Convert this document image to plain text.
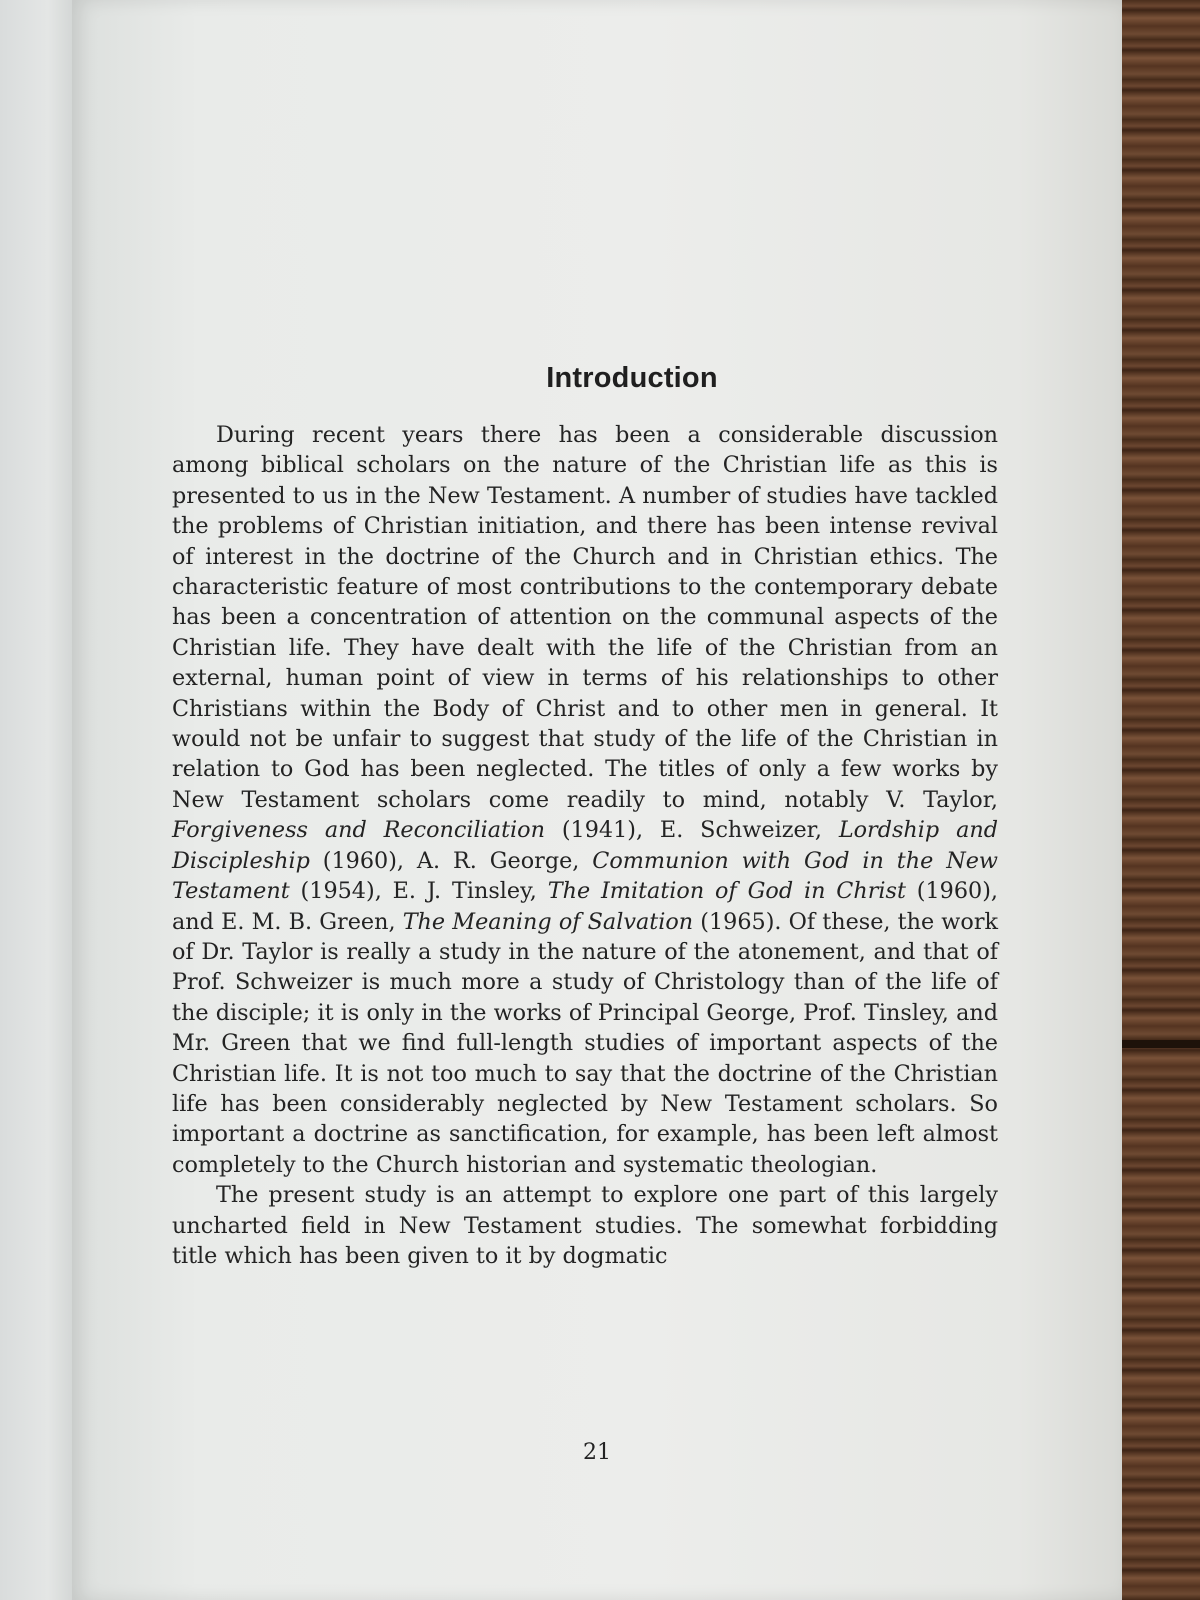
Introduction

During recent years there has been a considerable discussion among biblical scholars on the nature of the Christian life as this is presented to us in the New Testament. A number of studies have tackled the problems of Christian initiation, and there has been intense revival of interest in the doctrine of the Church and in Christian ethics. The characteristic feature of most contributions to the contemporary debate has been a concentration of attention on the communal aspects of the Christian life. They have dealt with the life of the Christian from an external, human point of view in terms of his relationships to other Christians within the Body of Christ and to other men in general. It would not be unfair to suggest that study of the life of the Christian in relation to God has been neglected. The titles of only a few works by New Testament scholars come readily to mind, notably V. Taylor, Forgiveness and Reconciliation (1941), E. Schweizer, Lordship and Discipleship (1960), A. R. George, Communion with God in the New Testament (1954), E. J. Tinsley, The Imitation of God in Christ (1960), and E. M. B. Green, The Meaning of Salvation (1965). Of these, the work of Dr. Taylor is really a study in the nature of the atonement, and that of Prof. Schweizer is much more a study of Christology than of the life of the disciple; it is only in the works of Principal George, Prof. Tinsley, and Mr. Green that we find full-length studies of important aspects of the Christian life. It is not too much to say that the doctrine of the Christian life has been considerably neglected by New Testament scholars. So important a doctrine as sanctification, for example, has been left almost completely to the Church historian and systematic theologian.

The present study is an attempt to explore one part of this largely uncharted field in New Testament studies. The somewhat forbidding title which has been given to it by dogmatic

21
